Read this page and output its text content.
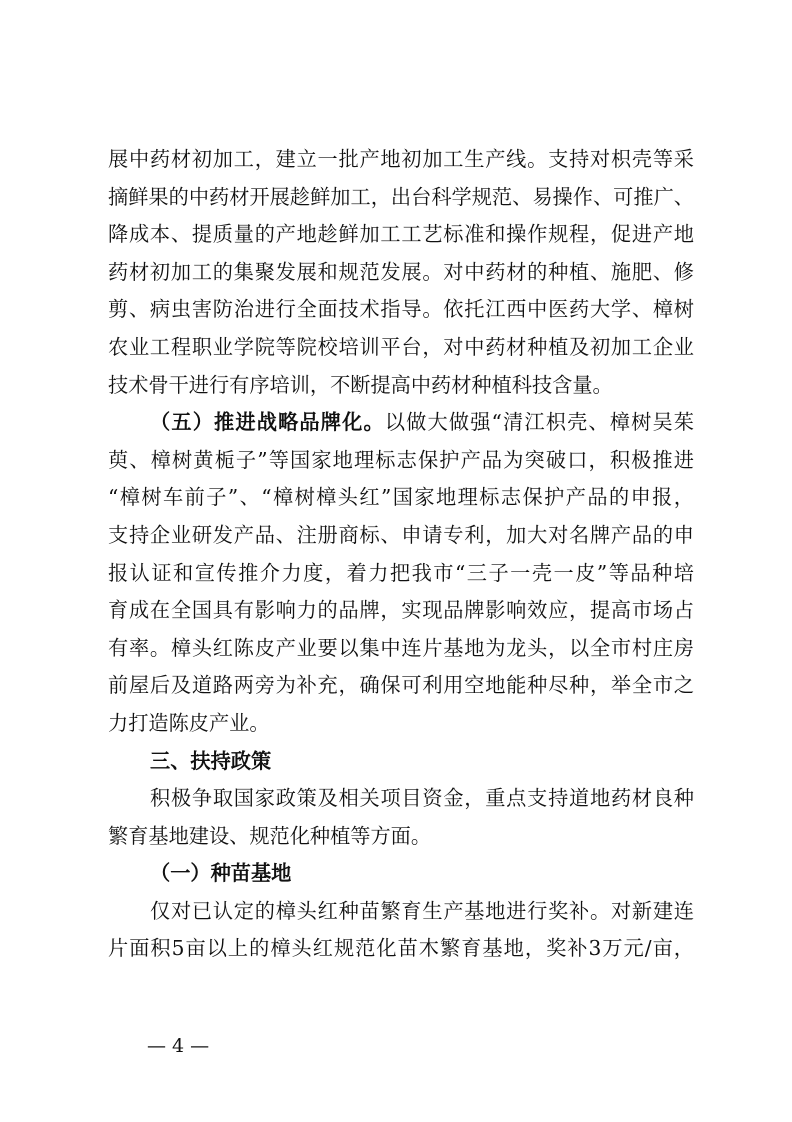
展中药材初加工，建立一批产地初加工生产线。支持对枳壳等采
摘鲜果的中药材开展趁鲜加工，出台科学规范、易操作、可推广、
降成本、提质量的产地趁鲜加工工艺标准和操作规程，促进产地
药材初加工的集聚发展和规范发展。对中药材的种植、施肥、修
剪、病虫害防治进行全面技术指导。依托江西中医药大学、樟树
农业工程职业学院等院校培训平台，对中药材种植及初加工企业
技术骨干进行有序培训，不断提高中药材种植科技含量。
（五）推进战略品牌化。以做大做强“清江枳壳、樟树吴茱
萸、樟树黄栀子”等国家地理标志保护产品为突破口，积极推进
“樟树车前子”、“樟树樟头红”国家地理标志保护产品的申报，
支持企业研发产品、注册商标、申请专利，加大对名牌产品的申
报认证和宣传推介力度，着力把我市“三子一壳一皮”等品种培
育成在全国具有影响力的品牌，实现品牌影响效应，提高市场占
有率。樟头红陈皮产业要以集中连片基地为龙头，以全市村庄房
前屋后及道路两旁为补充，确保可利用空地能种尽种，举全市之
力打造陈皮产业。
三、扶持政策
积极争取国家政策及相关项目资金，重点支持道地药材良种
繁育基地建设、规范化种植等方面。
（一）种苗基地
仅对已认定的樟头红种苗繁育生产基地进行奖补。对新建连
片面积5亩以上的樟头红规范化苗木繁育基地，奖补3万元/亩，
— 4 —
